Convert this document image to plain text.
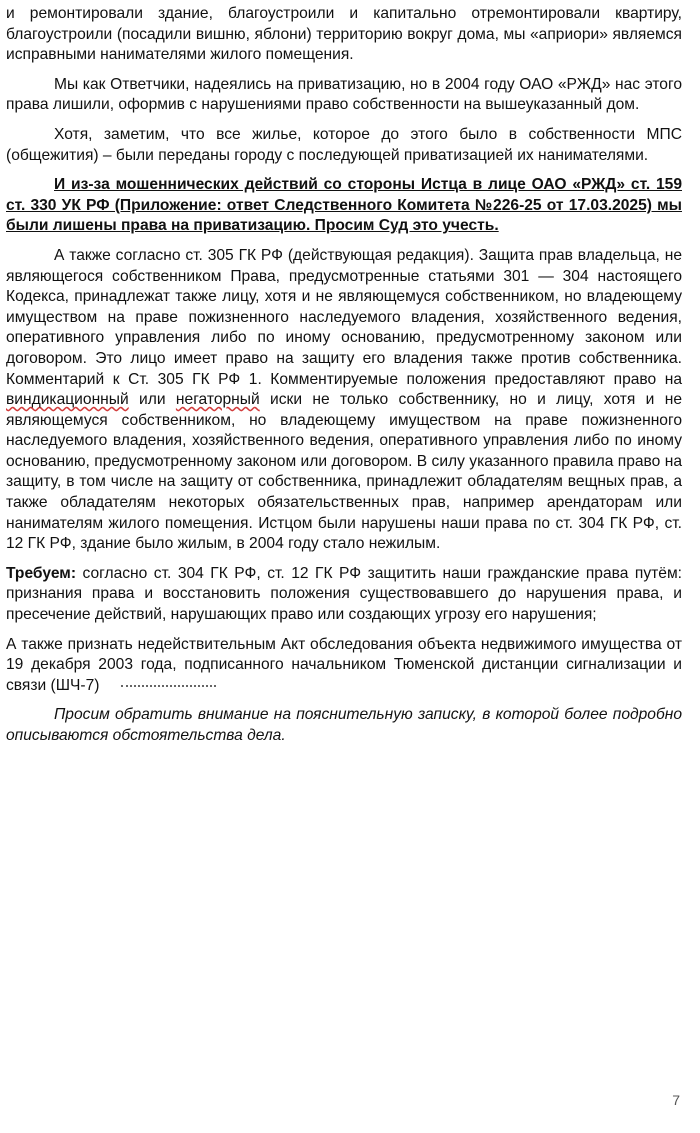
и ремонтировали здание, благоустроили и капитально отремонтировали квартиру, благоустроили (посадили вишню, яблони) территорию вокруг дома, мы «априори» являемся исправными нанимателями жилого помещения.

Мы как Ответчики, надеялись на приватизацию, но в 2004 году ОАО «РЖД» нас этого права лишили, оформив с нарушениями право собственности на вышеуказанный дом.

Хотя, заметим, что все жилье, которое до этого было в собственности МПС (общежития) – были переданы городу с последующей приватизацией их нанимателями.

И из-за мошеннических действий со стороны Истца в лице ОАО «РЖД» ст. 159 ст. 330 УК РФ (Приложение: ответ Следственного Комитета №226-25 от 17.03.2025) мы были лишены права на приватизацию. Просим Суд это учесть.

А также согласно ст. 305 ГК РФ (действующая редакция). Защита прав владельца, не являющегося собственником Права, предусмотренные статьями 301 — 304 настоящего Кодекса, принадлежат также лицу, хотя и не являющемуся собственником, но владеющему имуществом на праве пожизненного наследуемого владения, хозяйственного ведения, оперативного управления либо по иному основанию, предусмотренному законом или договором. Это лицо имеет право на защиту его владения также против собственника. Комментарий к Ст. 305 ГК РФ 1. Комментируемые положения предоставляют право на виндикационный или негаторный иски не только собственнику, но и лицу, хотя и не являющемуся собственником, но владеющему имуществом на праве пожизненного наследуемого владения, хозяйственного ведения, оперативного управления либо по иному основанию, предусмотренному законом или договором. В силу указанного правила право на защиту, в том числе на защиту от собственника, принадлежит обладателям вещных прав, а также обладателям некоторых обязательственных прав, например арендаторам или нанимателям жилого помещения. Истцом были нарушены наши права по ст. 304 ГК РФ, ст. 12 ГК РФ, здание было жилым, в 2004 году стало нежилым.

Требуем: согласно ст. 304 ГК РФ, ст. 12 ГК РФ защитить наши гражданские права путём: признания права и восстановить положения существовавшего до нарушения права, и пресечение действий, нарушающих право или создающих угрозу его нарушения;

А также признать недействительным Акт обследования объекта недвижимого имущества от 19 декабря 2003 года, подписанного начальником Тюменской дистанции сигнализации и связи (ШЧ-7)

Просим обратить внимание на пояснительную записку, в которой более подробно описываются обстоятельства дела.

7
